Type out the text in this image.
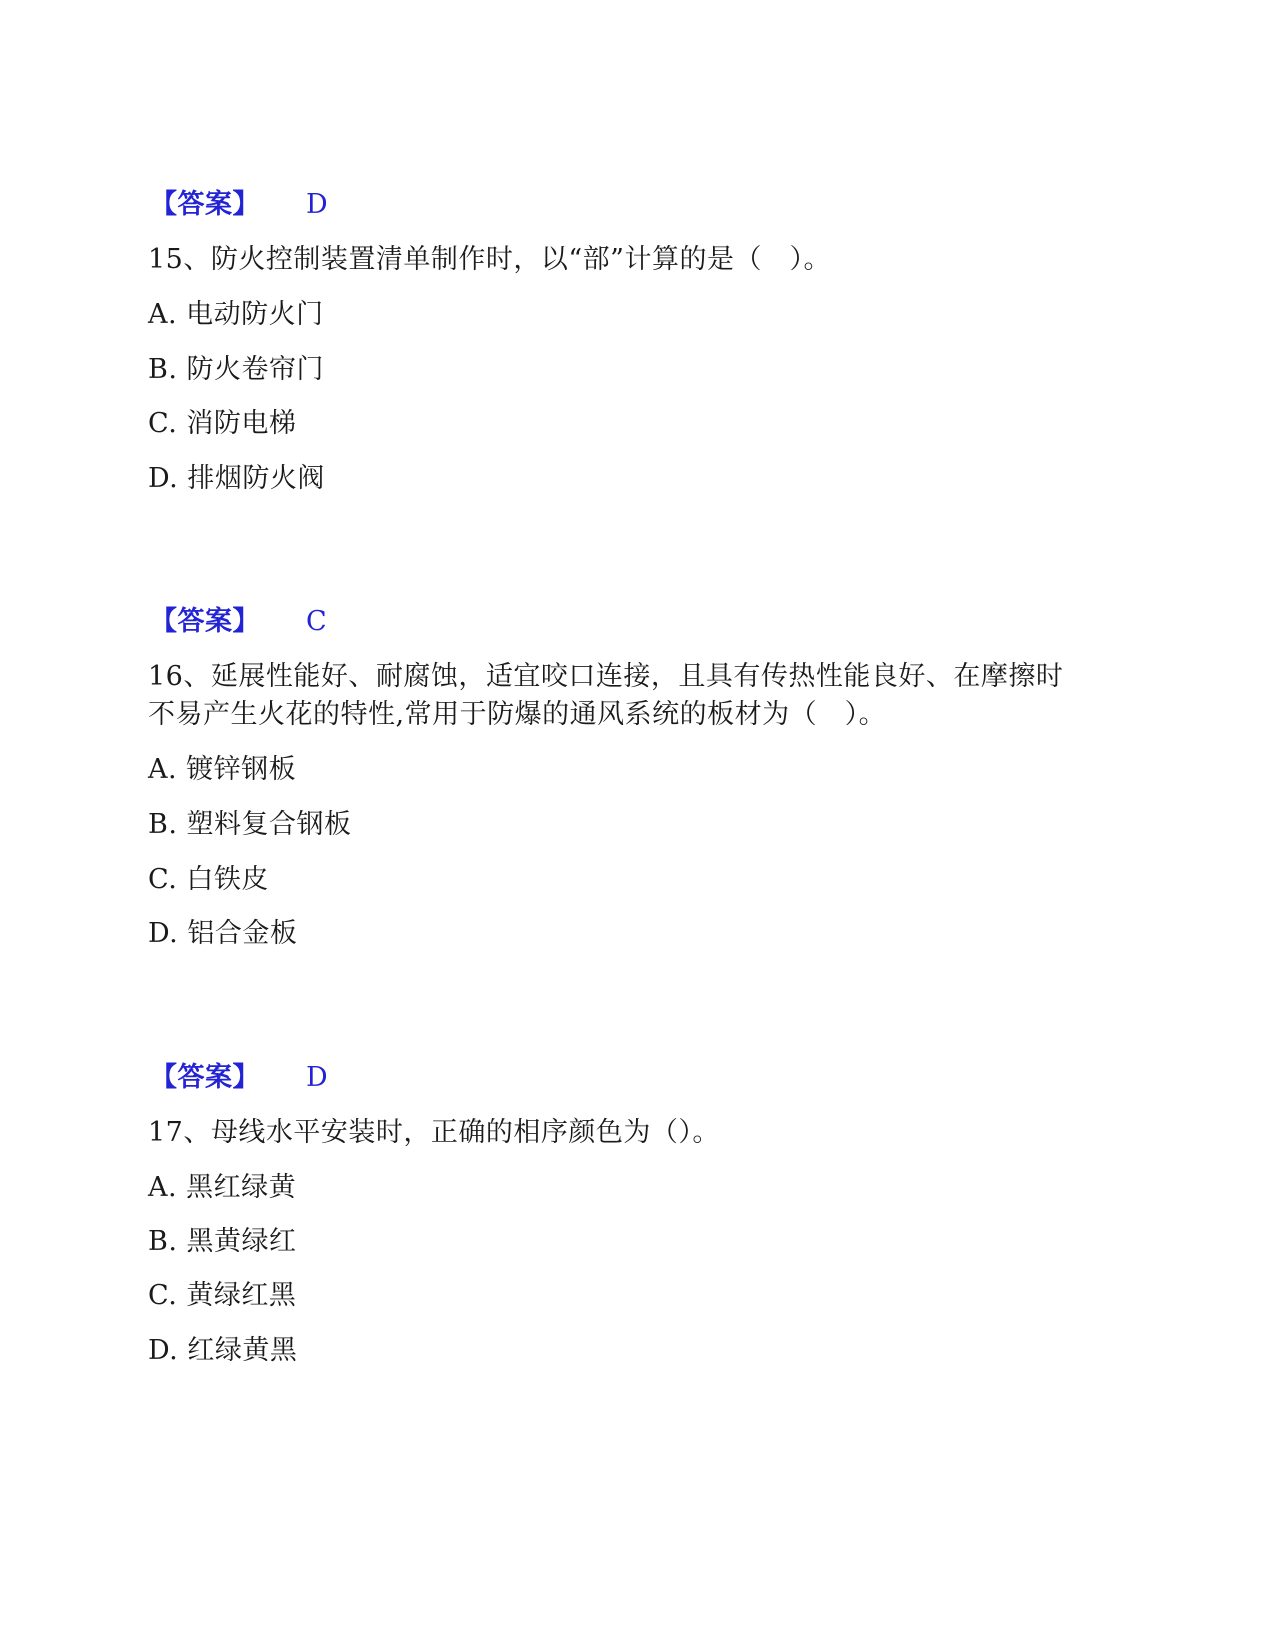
【答案】 D
15、防火控制装置清单制作时，以“部”计算的是（　）。
A. 电动防火门
B. 防火卷帘门
C. 消防电梯
D. 排烟防火阀
【答案】 C
16、延展性能好、耐腐蚀，适宜咬口连接，且具有传热性能良好、在摩擦时
不易产生火花的特性,常用于防爆的通风系统的板材为（　）。
A. 镀锌钢板
B. 塑料复合钢板
C. 白铁皮
D. 铝合金板
【答案】 D
17、母线水平安装时，正确的相序颜色为（）。
A. 黑红绿黄
B. 黑黄绿红
C. 黄绿红黑
D. 红绿黄黑
